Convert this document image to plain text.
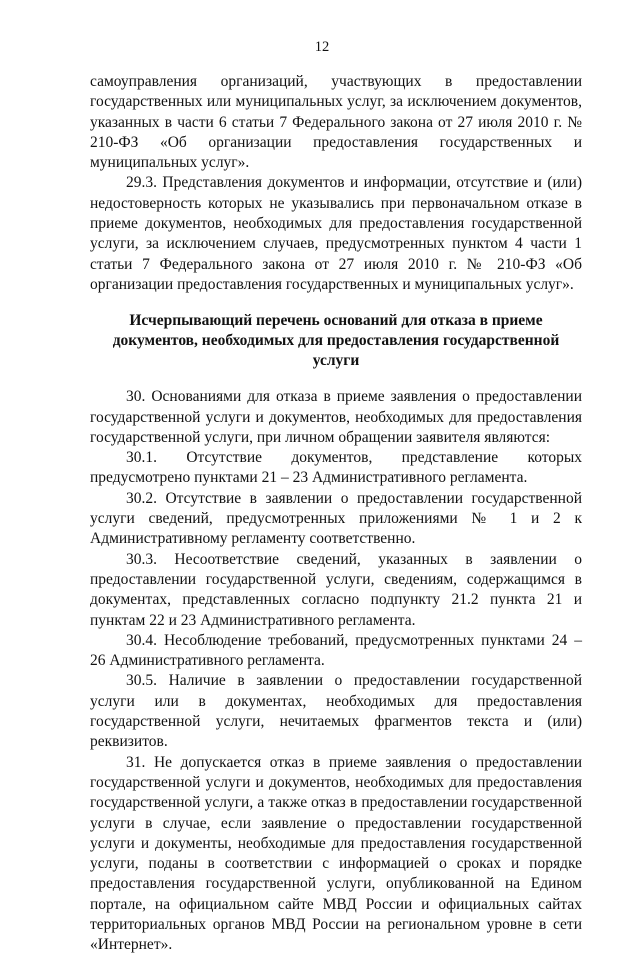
12

самоуправления организаций, участвующих в предоставлении государственных или муниципальных услуг, за исключением документов, указанных в части 6 статьи 7 Федерального закона от 27 июля 2010 г. № 210-ФЗ «Об организации предоставления государственных и муниципальных услуг».

29.3. Представления документов и информации, отсутствие и (или) недостоверность которых не указывались при первоначальном отказе в приеме документов, необходимых для предоставления государственной услуги, за исключением случаев, предусмотренных пунктом 4 части 1 статьи 7 Федерального закона от 27 июля 2010 г. № 210-ФЗ «Об организации предоставления государственных и муниципальных услуг».

Исчерпывающий перечень оснований для отказа в приеме
документов, необходимых для предоставления государственной услуги

30. Основаниями для отказа в приеме заявления о предоставлении государственной услуги и документов, необходимых для предоставления государственной услуги, при личном обращении заявителя являются:

30.1. Отсутствие документов, представление которых предусмотрено пунктами 21 – 23 Административного регламента.

30.2. Отсутствие в заявлении о предоставлении государственной услуги сведений, предусмотренных приложениями № 1 и 2 к Административному регламенту соответственно.

30.3. Несоответствие сведений, указанных в заявлении о предоставлении государственной услуги, сведениям, содержащимся в документах, представленных согласно подпункту 21.2 пункта 21 и пунктам 22 и 23 Административного регламента.

30.4. Несоблюдение требований, предусмотренных пунктами 24 – 26 Административного регламента.

30.5. Наличие в заявлении о предоставлении государственной услуги или в документах, необходимых для предоставления государственной услуги, нечитаемых фрагментов текста и (или) реквизитов.

31. Не допускается отказ в приеме заявления о предоставлении государственной услуги и документов, необходимых для предоставления государственной услуги, а также отказ в предоставлении государственной услуги в случае, если заявление о предоставлении государственной услуги и документы, необходимые для предоставления государственной услуги, поданы в соответствии с информацией о сроках и порядке предоставления государственной услуги, опубликованной на Едином портале, на официальном сайте МВД России и официальных сайтах территориальных органов МВД России на региональном уровне в сети «Интернет».
